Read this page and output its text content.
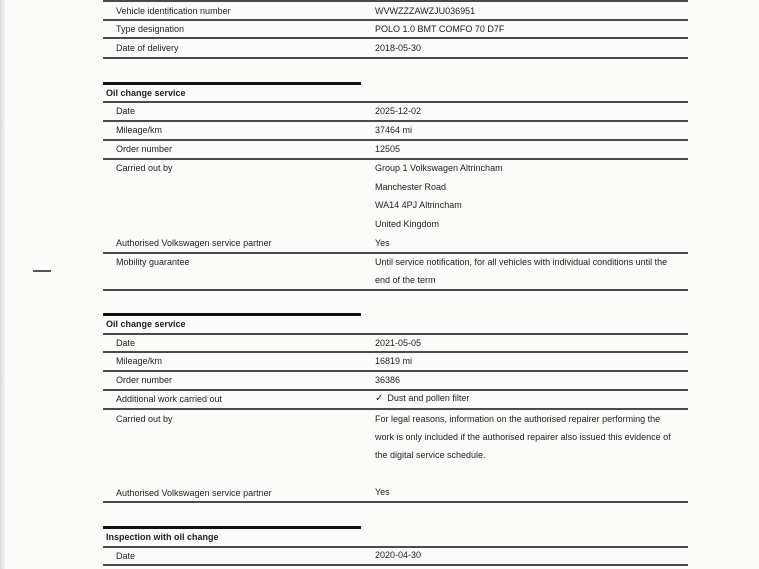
Vehicle identification number	WVWZZZAWZJU036951
Type designation	POLO 1.0 BMT COMFO 70 D7F
Date of delivery	2018-05-30
Oil change service
Date	2025-12-02
Mileage/km	37464 mi
Order number	12505
Carried out by	Group 1 Volkswagen Altrincham
Manchester Road
WA14 4PJ Altrincham
United Kingdom
Authorised Volkswagen service partner	Yes
Mobility guarantee	Until service notification, for all vehicles with individual conditions until the
end of the term
Oil change service
Date	2021-05-05
Mileage/km	16819 mi
Order number	36386
Additional work carried out	✓ Dust and pollen filter
Carried out by	For legal reasons, information on the authorised repairer performing the
work is only included if the authorised repairer also issued this evidence of
the digital service schedule.
Authorised Volkswagen service partner	Yes
Inspection with oil change
Date	2020-04-30
